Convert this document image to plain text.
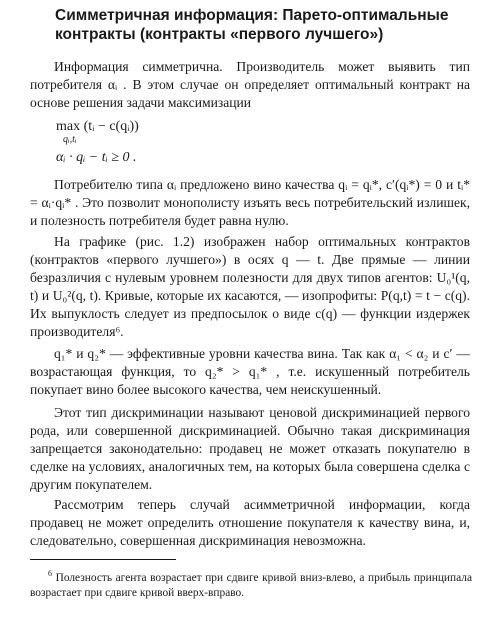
Симметричная информация: Парето-оптимальные контракты (контракты «первого лучшего»)
Информация симметрична. Производитель может выявить тип потребителя αᵢ . В этом случае он определяет оптимальный контракт на основе решения задачи максимизации
max (tᵢ − c(qᵢ))
qᵢ,tᵢ
αᵢ · qᵢ − tᵢ ≥ 0 .
Потребителю типа αᵢ предложено вино качества qᵢ = qᵢ*, c′(qᵢ*) = 0 и tᵢ* = αᵢ·qᵢ* . Это позволит монополисту изъять весь потребительский излишек, и полезность потребителя будет равна нулю.
На графике (рис. 1.2) изображен набор оптимальных контрактов (контрактов «первого лучшего») в осях q — t. Две прямые — линии безразличия с нулевым уровнем полезности для двух типов агентов: U₀¹(q, t) и U₀²(q, t). Кривые, которые их касаются, — изопрофиты: P(q,t) = t − c(q). Их выпуклость следует из предпосылок о виде c(q) — функции издержек производителя⁶.
q₁* и q₂* — эффективные уровни качества вина. Так как α₁ < α₂ и c′ — возрастающая функция, то q₂* > q₁* , т.е. искушенный потребитель покупает вино более высокого качества, чем неискушенный.
Этот тип дискриминации называют ценовой дискриминацией первого рода, или совершенной дискриминацией. Обычно такая дискриминация запрещается законодательно: продавец не может отказать покупателю в сделке на условиях, аналогичных тем, на которых была совершена сделка с другим покупателем.
Рассмотрим теперь случай асимметричной информации, когда продавец не может определить отношение покупателя к качеству вина, и, следовательно, совершенная дискриминация невозможна.
$^6$ Полезность агента возрастает при сдвиге кривой вниз-влево, а прибыль принципала возрастает при сдвиге кривой вверх-вправо.
